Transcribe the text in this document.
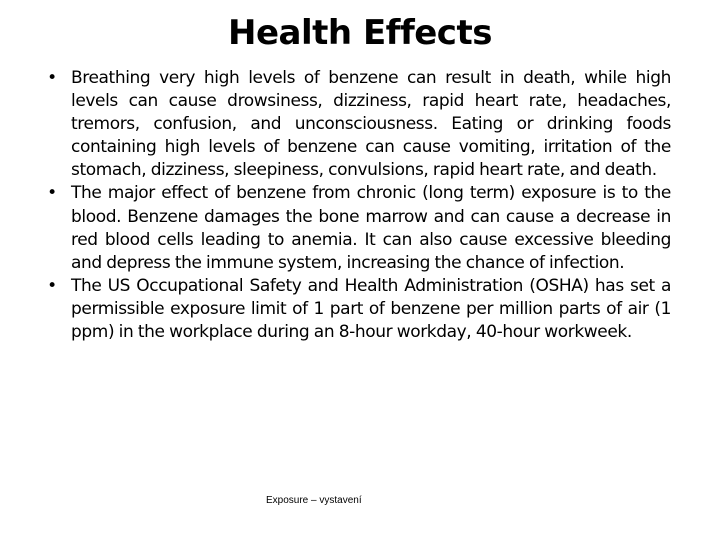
Health Effects
• Breathing very high levels of benzene can result in death, while high levels can cause drowsiness, dizziness, rapid heart rate, headaches, tremors, confusion, and unconsciousness. Eating or drinking foods containing high levels of benzene can cause vomiting, irritation of the stomach, dizziness, sleepiness, convulsions, rapid heart rate, and death.
• The major effect of benzene from chronic (long term) exposure is to the blood. Benzene damages the bone marrow and can cause a decrease in red blood cells leading to anemia. It can also cause excessive bleeding and depress the immune system, increasing the chance of infection.
• The US Occupational Safety and Health Administration (OSHA) has set a permissible exposure limit of 1 part of benzene per million parts of air (1 ppm) in the workplace during an 8-hour workday, 40-hour workweek.
Exposure – vystavení
